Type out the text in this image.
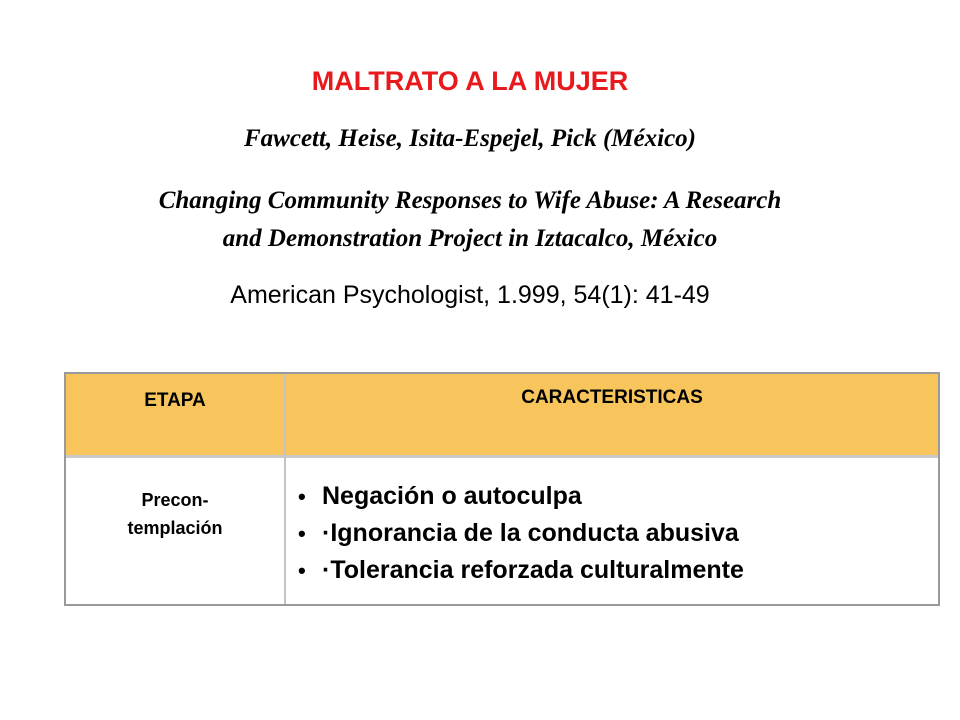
MALTRATO A LA MUJER
Fawcett, Heise, Isita-Espejel, Pick (México)
Changing Community Responses to Wife Abuse: A Research
and Demonstration Project in Iztacalco, México
American Psychologist, 1.999, 54(1): 41-49
ETAPA	CARACTERISTICAS
Precon-
templación
• Negación o autoculpa
• ·Ignorancia de la conducta abusiva
• ·Tolerancia reforzada culturalmente
